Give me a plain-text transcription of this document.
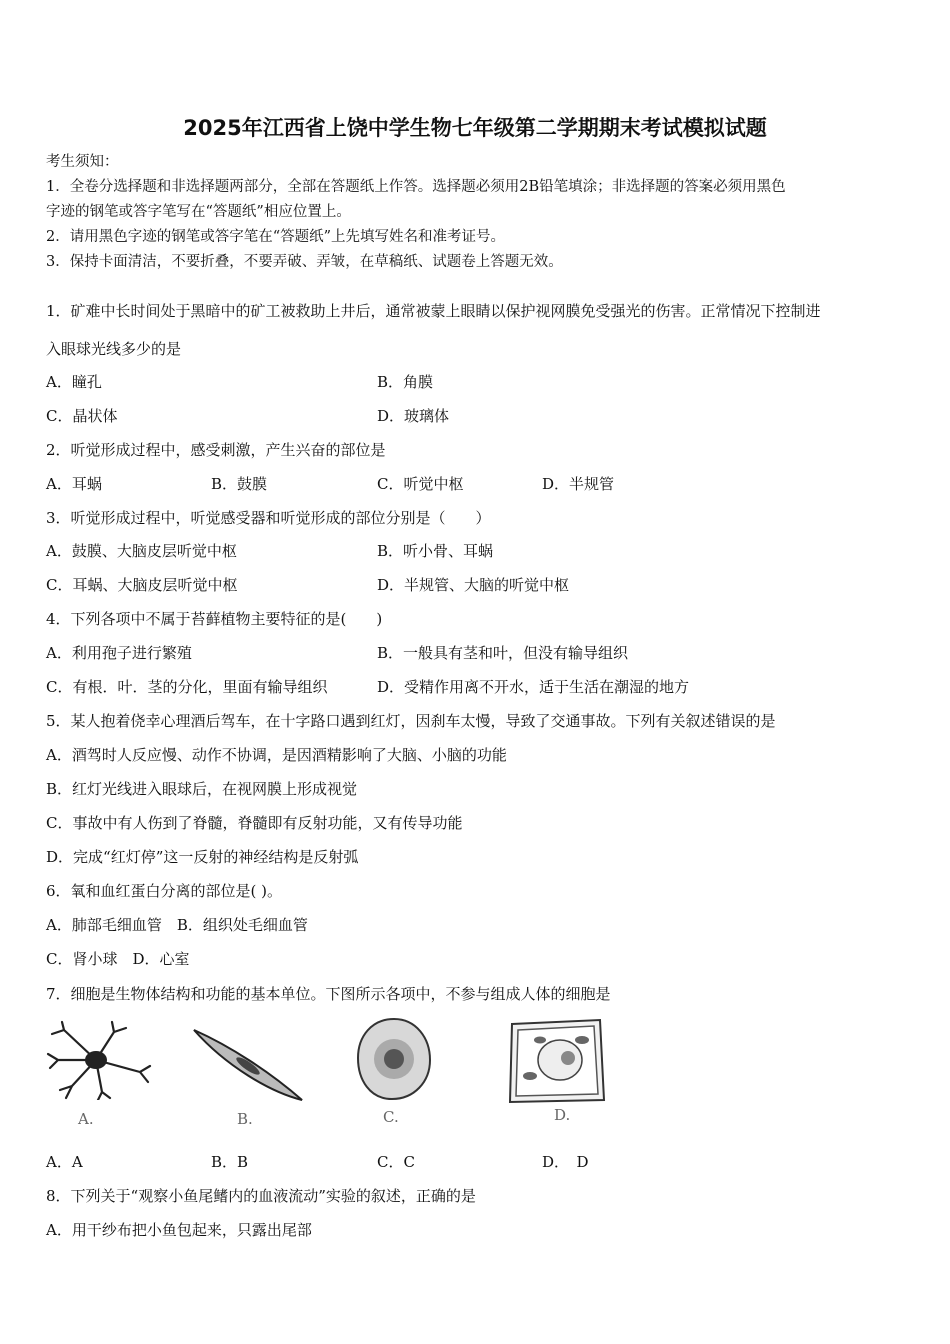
2025年江西省上饶中学生物七年级第二学期期末考试模拟试题
考生须知：
1．全卷分选择题和非选择题两部分，全部在答题纸上作答。选择题必须用2B铅笔填涂；非选择题的答案必须用黑色
字迹的钢笔或答字笔写在“答题纸”相应位置上。
2．请用黑色字迹的钢笔或答字笔在“答题纸”上先填写姓名和准考证号。
3．保持卡面清洁，不要折叠，不要弄破、弄皱，在草稿纸、试题卷上答题无效。
1．矿难中长时间处于黑暗中的矿工被救助上井后，通常被蒙上眼睛以保护视网膜免受强光的伤害。正常情况下控制进
入眼球光线多少的是
A．瞳孔	B．角膜
C．晶状体	D．玻璃体
2．听觉形成过程中，感受刺激，产生兴奋的部位是
A．耳蜗	B．鼓膜	C．听觉中枢	D．半规管
3．听觉形成过程中，听觉感受器和听觉形成的部位分别是（　　）
A．鼓膜、大脑皮层听觉中枢	B．听小骨、耳蜗
C．耳蜗、大脑皮层听觉中枢	D．半规管、大脑的听觉中枢
4．下列各项中不属于苔藓植物主要特征的是(　　)
A．利用孢子进行繁殖	B．一般具有茎和叶，但没有输导组织
C．有根．叶．茎的分化，里面有输导组织	D．受精作用离不开水，适于生活在潮湿的地方
5．某人抱着侥幸心理酒后驾车，在十字路口遇到红灯，因刹车太慢，导致了交通事故。下列有关叙述错误的是
A．酒驾时人反应慢、动作不协调，是因酒精影响了大脑、小脑的功能
B．红灯光线进入眼球后，在视网膜上形成视觉
C．事故中有人伤到了脊髓，脊髓即有反射功能，又有传导功能
D．完成“红灯停”这一反射的神经结构是反射弧
6．氧和血红蛋白分离的部位是( )。
A．肺部毛细血管　B．组织处毛细血管
C．肾小球　D．心室
7．细胞是生物体结构和功能的基本单位。下图所示各项中，不参与组成人体的细胞是
A.	B.	C.	D.
A．A	B．B	C．C	D．　D
8．下列关于“观察小鱼尾鳍内的血液流动”实验的叙述，正确的是
A．用干纱布把小鱼包起来，只露出尾部
